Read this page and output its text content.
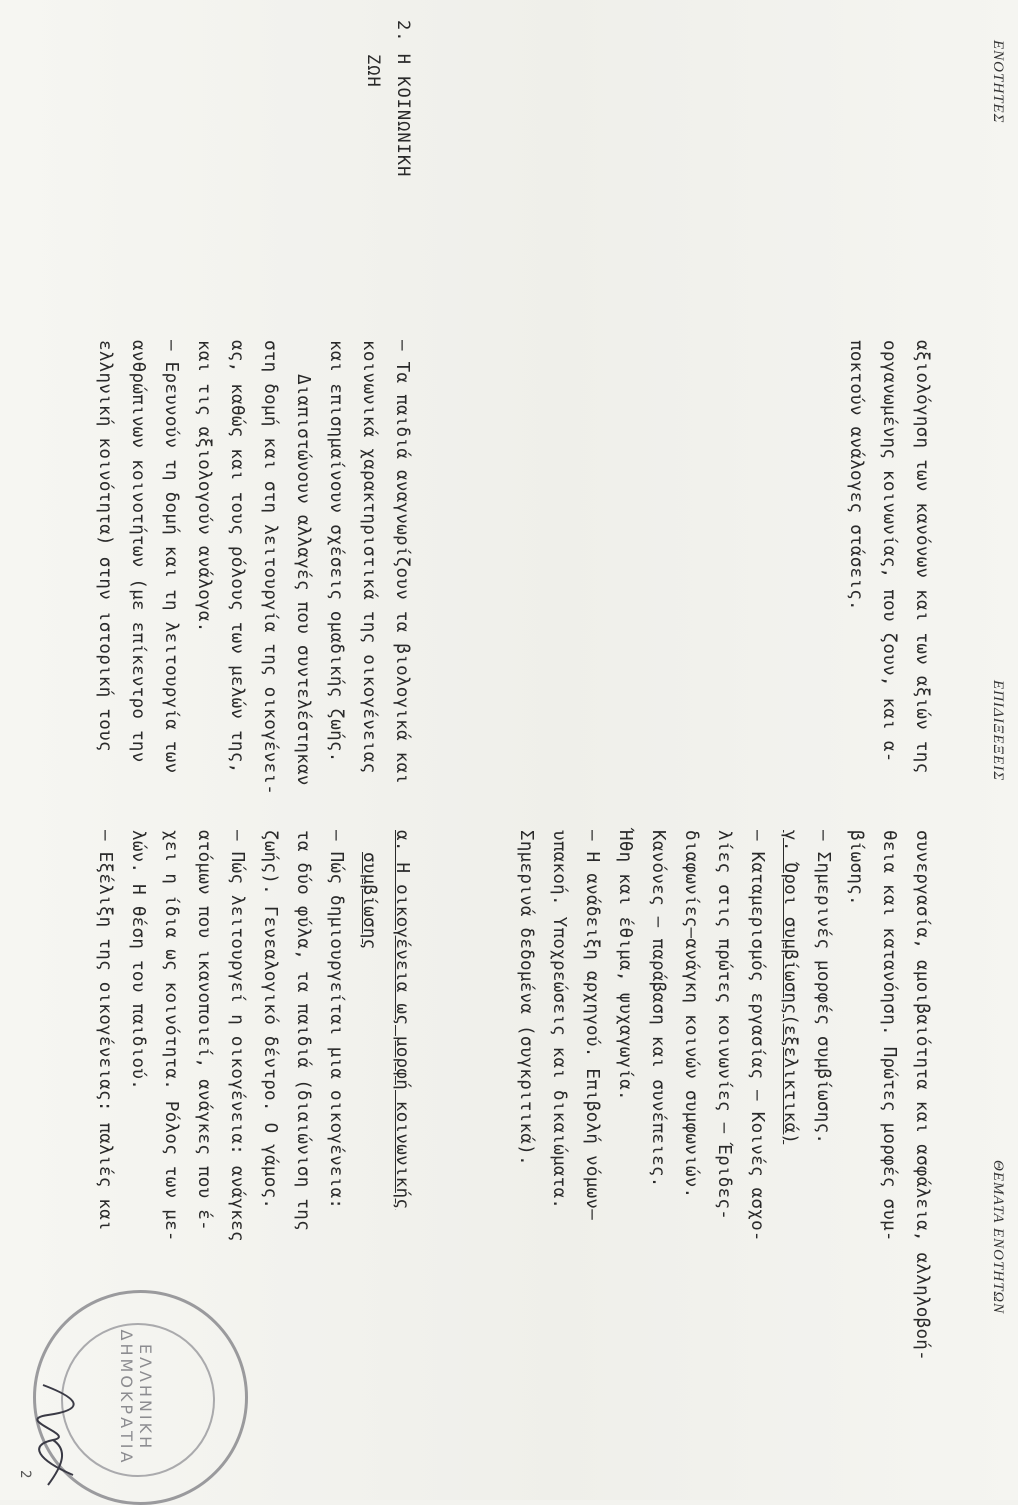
ΕΝΟΤΗΤΕΣ
ΕΠΙΔΙΞΕΞΕΙΣ
ΘΕΜΑΤΑ ΕΝΟΤΗΤΩΝ
2. Η ΚΟΙΝΩΝΙΚΗ
ΖΩΗ
αξιολόγηση των κανόνων και των αξιών της
οργανωμένης κοινωνίας, που ζουν, και α-
ποκτούν ανάλογες στάσεις.
– Τα παιδιά αναγνωρίζουν τα βιολογικά και
κοινωνικά χαρακτηριστικά της οικογένειας
και επισημαίνουν σχέσεις ομαδικής ζωής.
Διαπιστώνουν αλλαγές που συντελέστηκαν
στη δομή και στη λειτουργία της οικογένει-
ας, καθώς και τους ρόλους των μελών της,
και τις αξιολογούν ανάλογα.
– Ερευνούν τη δομή και τη λειτουργία των
ανθρώπινων κοινοτήτων (με επίκεντρο την
ελληνική κοινότητα) στην ιστορική τους
συνεργασία, αμοιβαιότητα και ασφάλεια, αλληλοβοή-
θεια και κατανόηση. Πρώτες μορφές συμ-
βίωσης.
– Σημερινές μορφές συμβίωσης.
γ. Όροι συμβίωσης(εξελικτικά)
– Καταμερισμός εργασίας – Κοινές ασχο-
λίες στις πρώτες κοινωνίες – Έριδες-
διαφωνίες–ανάγκη κοινών συμφωνιών.
Κανόνες – παράβαση και συνέπειες.
Ήθη και έθιμα, ψυχαγωγία.
– Η ανάδειξη αρχηγού. Επιβολή νόμων–
υπακοή. Υποχρεώσεις και δικαιώματα.
Σημερινά δεδομένα (συγκριτικά).
α. Η οικογένεια ως μορφή κοινωνικής
συμβίωσης
– Πώς δημιουργείται μια οικογένεια:
τα δύο φύλα, τα παιδιά (διαιώνιση της
ζωής). Γενεαλογικό δέντρο. Ο γάμος.
– Πώς λειτουργεί η οικογένεια: ανάγκες
ατόμων που ικανοποιεί, ανάγκες που έ-
χει η ίδια ως κοινότητα. Ρόλος των με-
λών. Η θέση του παιδιού.
– Εξέλιξη της οικογένειας: παλιές και
ΕΛΛΗΝΙΚΗ ΔΗΜΟΚΡΑΤΙΑ
2
